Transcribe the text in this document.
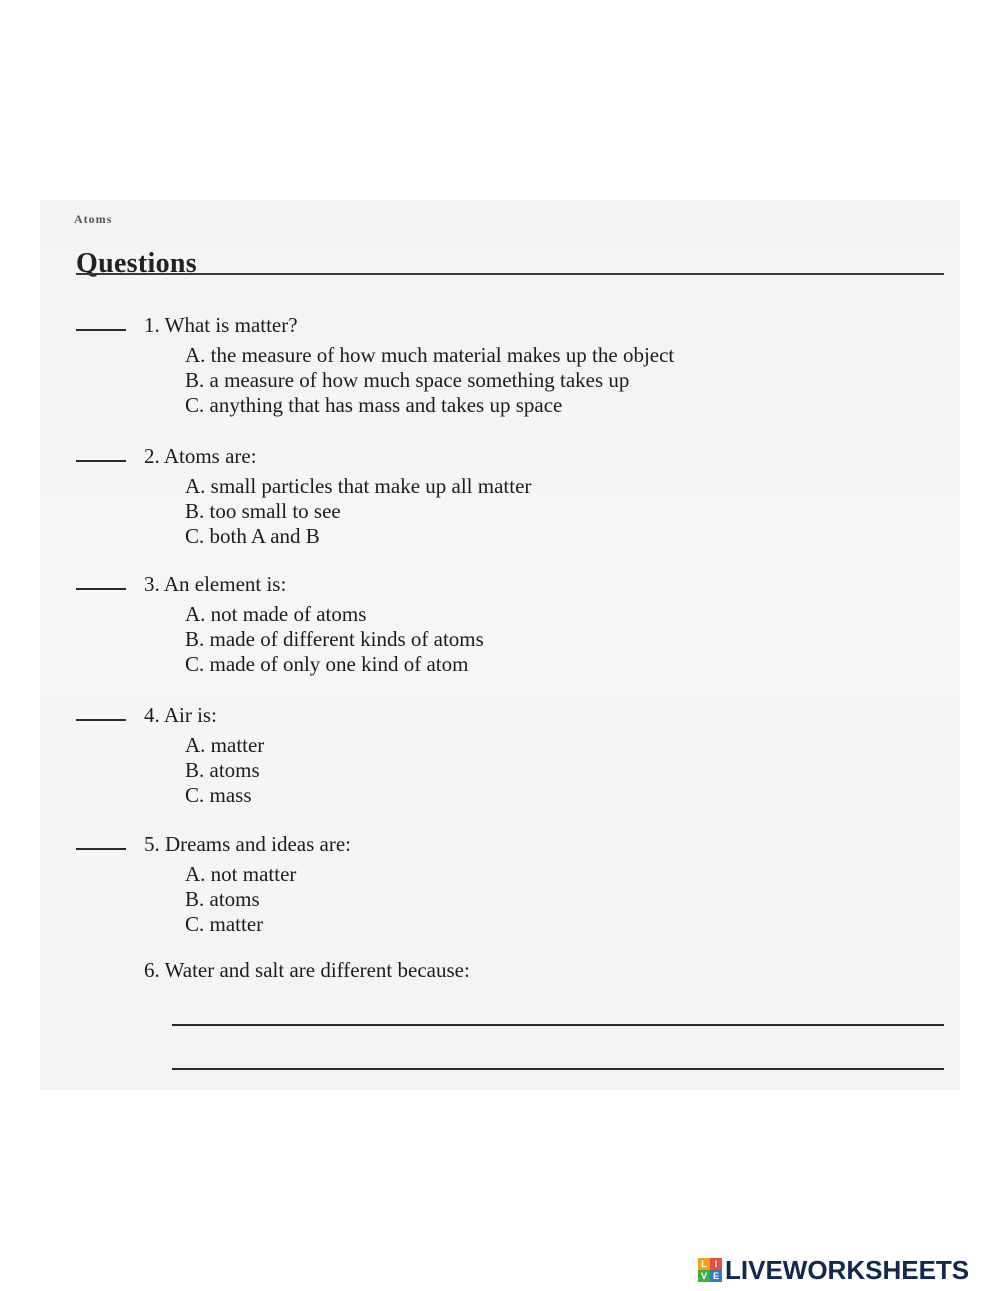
Atoms
Questions
1. What is matter?
A. the measure of how much material makes up the object
B. a measure of how much space something takes up
C. anything that has mass and takes up space
2. Atoms are:
A. small particles that make up all matter
B. too small to see
C. both A and B
3. An element is:
A. not made of atoms
B. made of different kinds of atoms
C. made of only one kind of atom
4. Air is:
A. matter
B. atoms
C. mass
5. Dreams and ideas are:
A. not matter
B. atoms
C. matter
6. Water and salt are different because:
L I
V E LIVEWORKSHEETS
